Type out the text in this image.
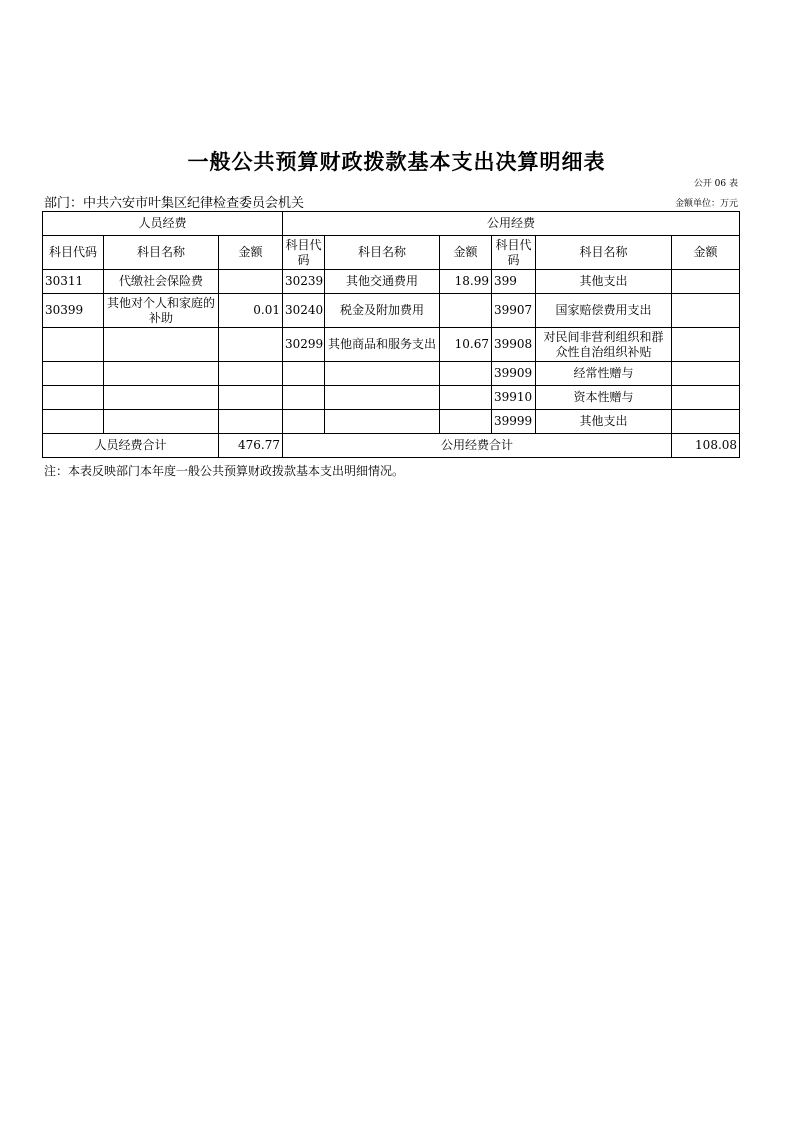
一般公共预算财政拨款基本支出决算明细表
公开 06 表
部门：中共六安市叶集区纪律检查委员会机关	金额单位：万元
人员经费			公用经费					
科目代码	科目名称	金额	科目代码	科目名称	金额	科目代码	科目名称	金额
30311	代缴社会保险费		30239	其他交通费用	18.99	399	其他支出	
30399	其他对个人和家庭的补助	0.01	30240	税金及附加费用		39907	国家赔偿费用支出	
			30299	其他商品和服务支出	10.67	39908	对民间非营利组织和群众性自治组织补贴	
						39909	经常性赠与	
						39910	资本性赠与	
						39999	其他支出	
人员经费合计		476.77	公用经费合计					108.08
注：本表反映部门本年度一般公共预算财政拨款基本支出明细情况。
